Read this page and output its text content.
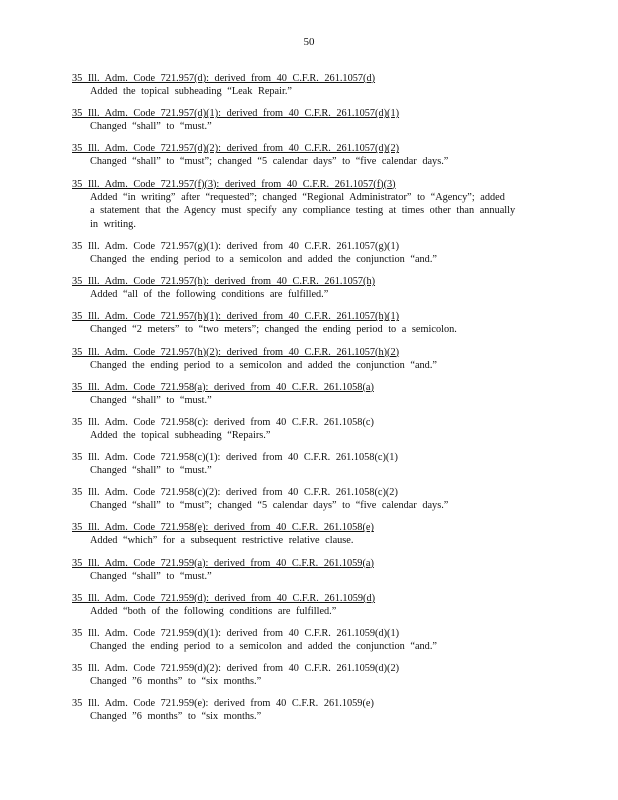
50
35 Ill. Adm. Code 721.957(d): derived from 40 C.F.R. 261.1057(d)
Added the topical subheading “Leak Repair.”
35 Ill. Adm. Code 721.957(d)(1): derived from 40 C.F.R. 261.1057(d)(1)
Changed “shall” to “must.”
35 Ill. Adm. Code 721.957(d)(2): derived from 40 C.F.R. 261.1057(d)(2)
Changed “shall” to “must”; changed “5 calendar days” to “five calendar days.”
35 Ill. Adm. Code 721.957(f)(3): derived from 40 C.F.R. 261.1057(f)(3)
Added “in writing” after “requested”; changed “Regional Administrator” to “Agency”; added
a statement that the Agency must specify any compliance testing at times other than annually
in writing.
35 Ill. Adm. Code 721.957(g)(1): derived from 40 C.F.R. 261.1057(g)(1)
Changed the ending period to a semicolon and added the conjunction “and.”
35 Ill. Adm. Code 721.957(h): derived from 40 C.F.R. 261.1057(h)
Added “all of the following conditions are fulfilled.”
35 Ill. Adm. Code 721.957(h)(1): derived from 40 C.F.R. 261.1057(h)(1)
Changed “2 meters” to “two meters”; changed the ending period to a semicolon.
35 Ill. Adm. Code 721.957(h)(2): derived from 40 C.F.R. 261.1057(h)(2)
Changed the ending period to a semicolon and added the conjunction “and.”
35 Ill. Adm. Code 721.958(a): derived from 40 C.F.R. 261.1058(a)
Changed “shall” to “must.”
35 Ill. Adm. Code 721.958(c): derived from 40 C.F.R. 261.1058(c)
Added the topical subheading “Repairs.”
35 Ill. Adm. Code 721.958(c)(1): derived from 40 C.F.R. 261.1058(c)(1)
Changed “shall” to “must.”
35 Ill. Adm. Code 721.958(c)(2): derived from 40 C.F.R. 261.1058(c)(2)
Changed “shall” to “must”; changed “5 calendar days” to “five calendar days.”
35 Ill. Adm. Code 721.958(e): derived from 40 C.F.R. 261.1058(e)
Added “which” for a subsequent restrictive relative clause.
35 Ill. Adm. Code 721.959(a): derived from 40 C.F.R. 261.1059(a)
Changed “shall” to “must.”
35 Ill. Adm. Code 721.959(d): derived from 40 C.F.R. 261.1059(d)
Added “both of the following conditions are fulfilled.”
35 Ill. Adm. Code 721.959(d)(1): derived from 40 C.F.R. 261.1059(d)(1)
Changed the ending period to a semicolon and added the conjunction “and.”
35 Ill. Adm. Code 721.959(d)(2): derived from 40 C.F.R. 261.1059(d)(2)
Changed ”6 months” to “six months.”
35 Ill. Adm. Code 721.959(e): derived from 40 C.F.R. 261.1059(e)
Changed ”6 months” to “six months.”
